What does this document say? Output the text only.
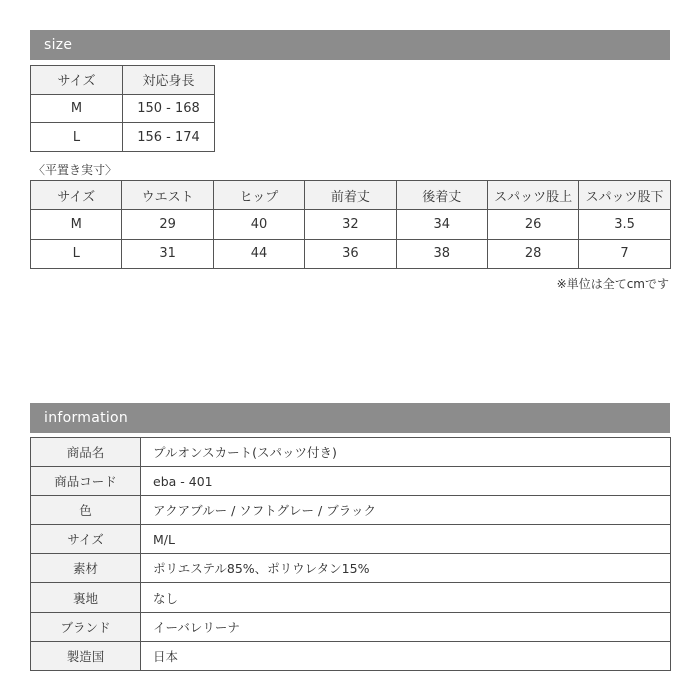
size
サイズ	対応身長
M	150 - 168
L	156 - 174
〈平置き実寸〉
サイズ	ウエスト	ヒップ	前着丈	後着丈	スパッツ股上	スパッツ股下
M	29	40	32	34	26	3.5
L	31	44	36	38	28	7
※単位は全てcmです
information
商品名	プルオンスカート(スパッツ付き)
商品コード	eba - 401
色	アクアブルー / ソフトグレー / ブラック
サイズ	M/L
素材	ポリエステル85%、ポリウレタン15%
裏地	なし
ブランド	イーバレリーナ
製造国	日本
